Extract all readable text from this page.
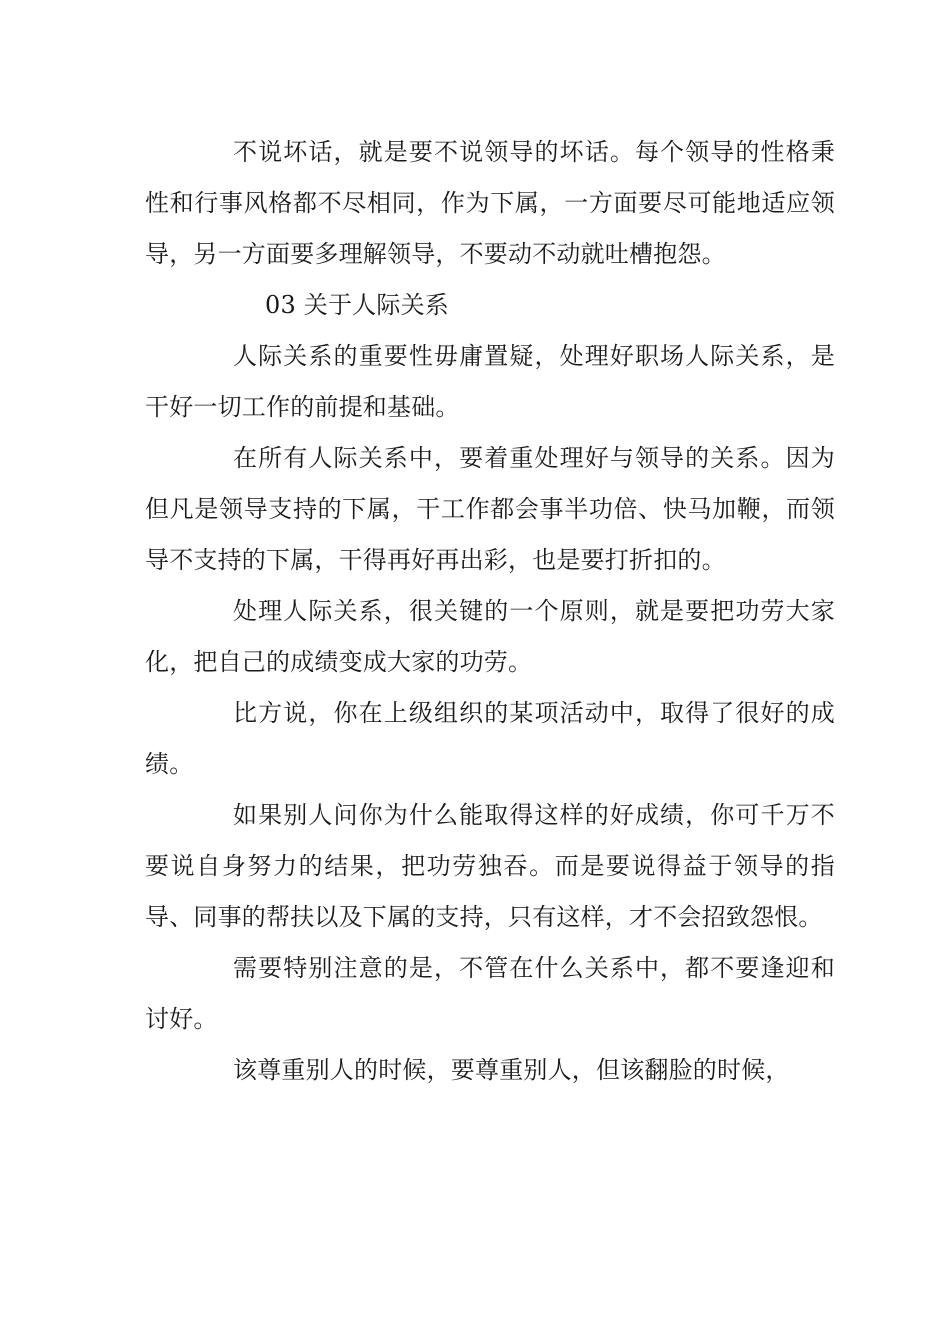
不说坏话，就是要不说领导的坏话。每个领导的性格秉性和行事风格都不尽相同，作为下属，一方面要尽可能地适应领导，另一方面要多理解领导，不要动不动就吐槽抱怨。

03 关于人际关系

人际关系的重要性毋庸置疑，处理好职场人际关系，是干好一切工作的前提和基础。

在所有人际关系中，要着重处理好与领导的关系。因为但凡是领导支持的下属，干工作都会事半功倍、快马加鞭，而领导不支持的下属，干得再好再出彩，也是要打折扣的。

处理人际关系，很关键的一个原则，就是要把功劳大家化，把自己的成绩变成大家的功劳。

比方说，你在上级组织的某项活动中，取得了很好的成绩。

如果别人问你为什么能取得这样的好成绩，你可千万不要说自身努力的结果，把功劳独吞。而是要说得益于领导的指导、同事的帮扶以及下属的支持，只有这样，才不会招致怨恨。

需要特别注意的是，不管在什么关系中，都不要逢迎和讨好。

该尊重别人的时候，要尊重别人，但该翻脸的时候，
